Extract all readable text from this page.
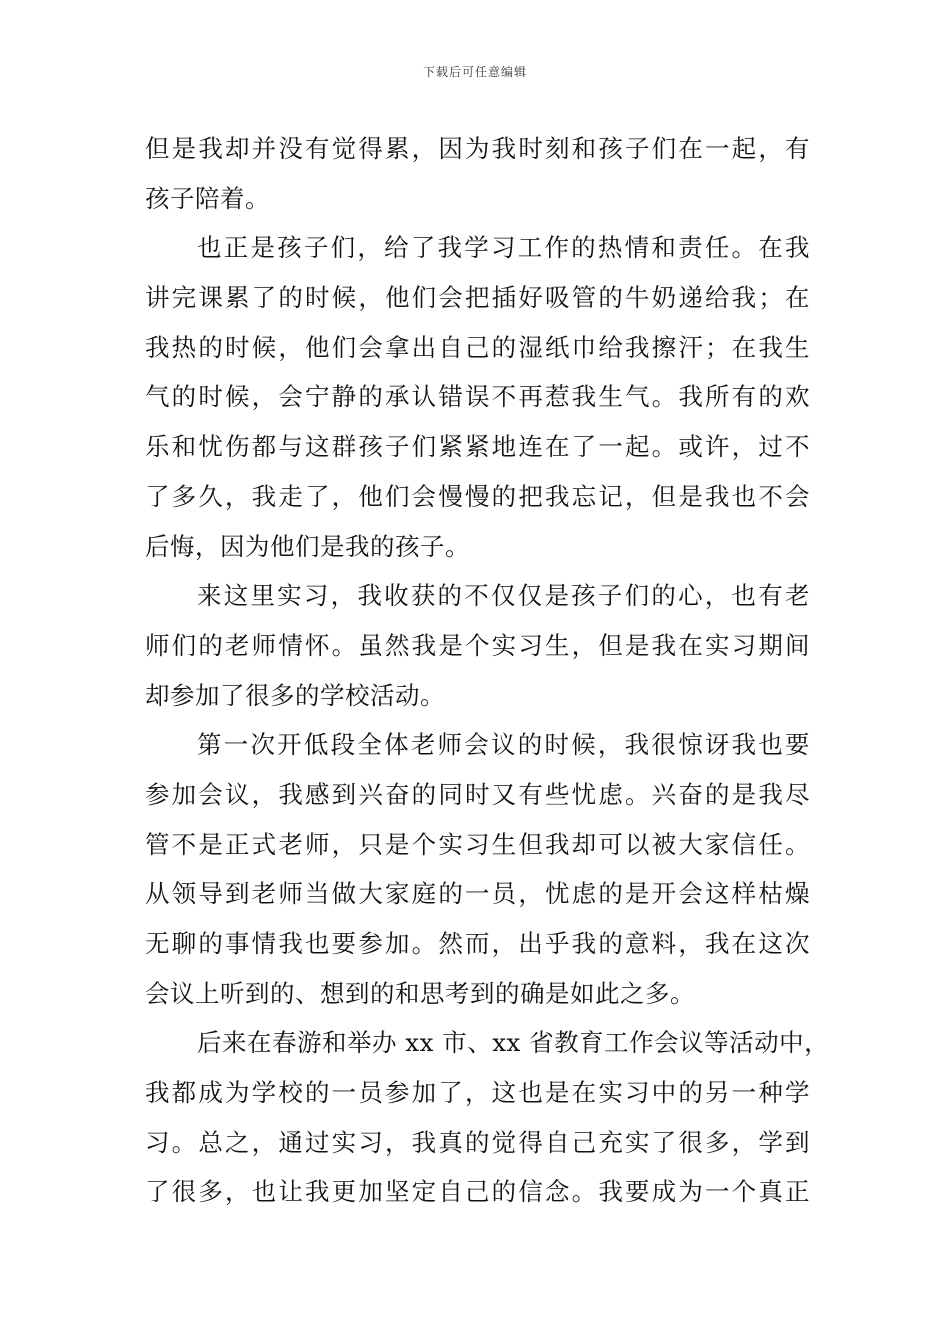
下载后可任意编辑
但是我却并没有觉得累，因为我时刻和孩子们在一起，有
孩子陪着。
也正是孩子们，给了我学习工作的热情和责任。在我
讲完课累了的时候，他们会把插好吸管的牛奶递给我；在
我热的时候，他们会拿出自己的湿纸巾给我擦汗；在我生
气的时候，会宁静的承认错误不再惹我生气。我所有的欢
乐和忧伤都与这群孩子们紧紧地连在了一起。或许，过不
了多久，我走了，他们会慢慢的把我忘记，但是我也不会
后悔，因为他们是我的孩子。
来这里实习，我收获的不仅仅是孩子们的心，也有老
师们的老师情怀。虽然我是个实习生，但是我在实习期间
却参加了很多的学校活动。
第一次开低段全体老师会议的时候，我很惊讶我也要
参加会议，我感到兴奋的同时又有些忧虑。兴奋的是我尽
管不是正式老师，只是个实习生但我却可以被大家信任。
从领导到老师当做大家庭的一员，忧虑的是开会这样枯燥
无聊的事情我也要参加。然而，出乎我的意料，我在这次
会议上听到的、想到的和思考到的确是如此之多。
后来在春游和举办 xx 市、xx 省教育工作会议等活动中，
我都成为学校的一员参加了，这也是在实习中的另一种学
习。总之，通过实习，我真的觉得自己充实了很多，学到
了很多，也让我更加坚定自己的信念。我要成为一个真正
